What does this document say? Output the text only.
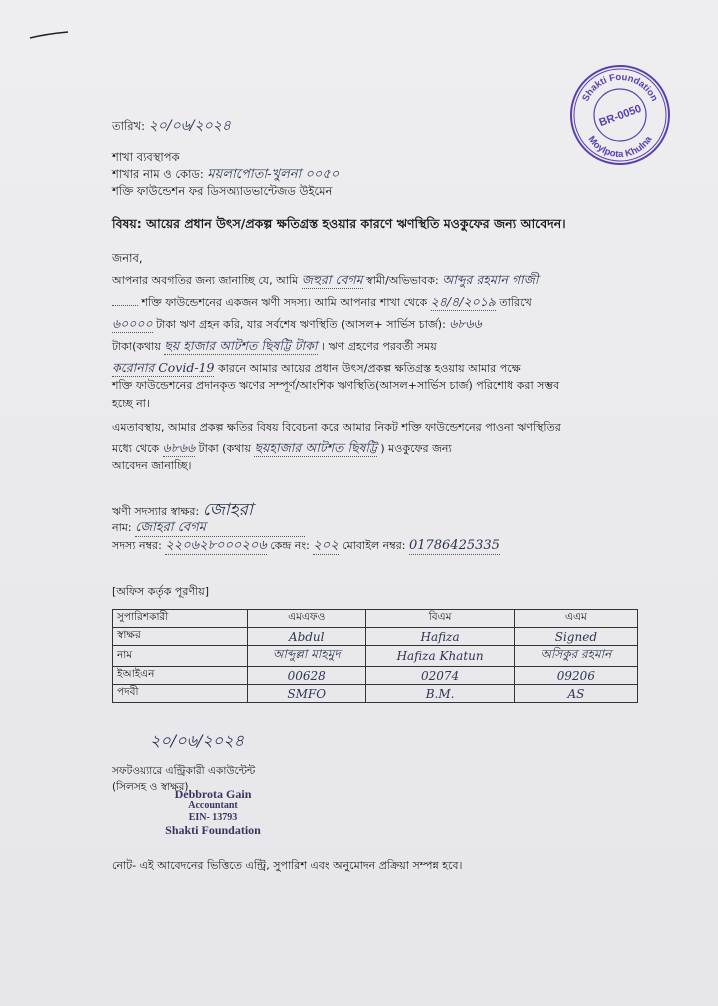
Shakti Foundation
Moylpota Khulna
BR-0050
তারিখ: ২০/০৬/২০২৪
শাখা ব্যবস্থাপক
শাখার নাম ও কোড: ময়লাপোতা-খুলনা ০০৫০
শক্তি ফাউন্ডেশন ফর ডিসঅ্যাডভান্টেজড উইমেন
বিষয়: আয়ের প্রধান উৎস/প্রকল্প ক্ষতিগ্রস্ত হওয়ার কারণে ঋণস্থিতি মওকুফের জন্য আবেদন।
জনাব,
আপনার অবগতির জন্য জানাচ্ছি যে, আমি জহুরা বেগম স্বামী/অভিভাবক: আব্দুর রহমান গাজী
শক্তি ফাউন্ডেশনের একজন ঋণী সদস্য। আমি আপনার শাখা থেকে ২৪/৪/২০১৯ তারিখে
৬০০০০ টাকা ঋণ গ্রহন করি, যার সর্বশেষ ঋণস্থিতি (আসল+ সার্ভিস চার্জ): ৬৮৬৬
টাকা(কথায় ছয় হাজার আটশত ছিষট্টি টাকা । ঋণ গ্রহণের পরবর্তী সময়
করোনার Covid-19 কারনে আমার আয়ের প্রধান উৎস/প্রকল্প ক্ষতিগ্রস্ত হওয়ায় আমার পক্ষে
শক্তি ফাউন্ডেশনের প্রদানকৃত ঋণের সম্পূর্ণ/আংশিক ঋণস্থিতি(আসল+সার্ভিস চার্জ) পরিশোধ করা সম্ভব
হচ্ছে না।
এমতাবস্থায়, আমার প্রকল্প ক্ষতির বিষয় বিবেচনা করে আমার নিকট শক্তি ফাউন্ডেশনের পাওনা ঋণস্থিতির
মধ্যে থেকে ৬৮৬৬ টাকা (কথায় ছয়হাজার আটশত ছিষট্টি ) মওকুফের জন্য
আবেদন জানাচ্ছি।
ঋণী সদস্যার স্বাক্ষর: জোহরা
নাম: জোহরা বেগম
সদস্য নম্বর: ২২০৬২৮০০০২০৬ কেন্দ্র নং: ২০২ মোবাইল নম্বর: 01786425335
[অফিস কর্তৃক পূরণীয়]
সুপারিশকারী	এমএফও	বিএম	এএম
স্বাক্ষর	Abdul	Hafiza	Signed
নাম	আব্দুল্লা মাহমুদ	Hafiza Khatun	অসিকুর রহমান
ইআইএন	00628	02074	09206
পদবী	SMFO	B.M.	AS
২০/০৬/২০২৪
সফটওয়্যারে এন্ট্রিকারী একাউন্টেন্ট
(সিলসহ ও স্বাক্ষর)
Debbrota Gain
Accountant
EIN- 13793
Shakti Foundation
নোট- এই আবেদনের ভিত্তিতে এন্ট্রি, সুপারিশ এবং অনুমোদন প্রক্রিয়া সম্পন্ন হবে।
